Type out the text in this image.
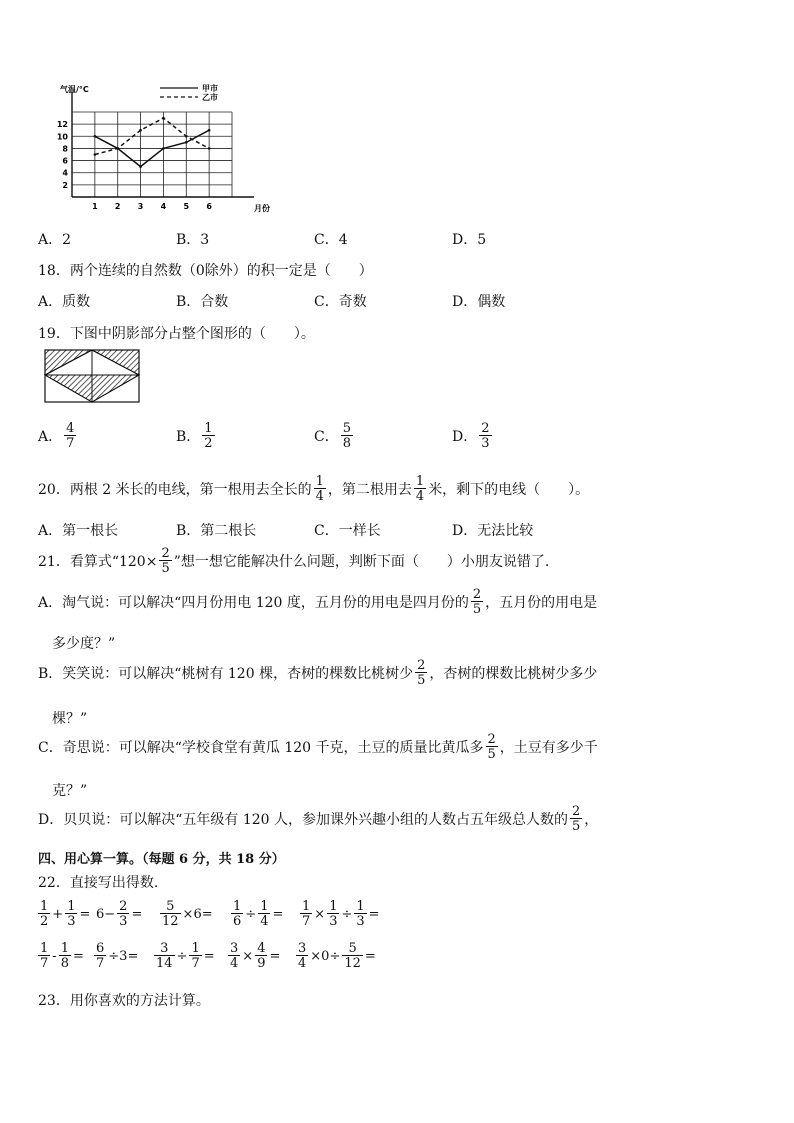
2
4
6
8
10
12
1 2 3 4 5 6
气温/°C
月份
甲市
乙市
A．2	B．3	C．4	D．5
18．两个连续的自然数（0除外）的积一定是（　　）
A．质数	B．合数	C．奇数	D．偶数
19．下图中阴影部分占整个图形的（　　）。
A． $\frac{4}{7}$	B． $\frac{1}{2}$	C． $\frac{5}{8}$	D． $\frac{2}{3}$
20．两根 2 米长的电线，第一根用去全长的 $\frac{1}{4}$ ，第二根用去 $\frac{1}{4}$ 米，剩下的电线（　　）。
A．第一根长	B．第二根长	C．一样长	D．无法比较
21．看算式“$120\times \frac{2}{5}$ ”想一想它能解决什么问题，判断下面（　　）小朋友说错了.
A．淘气说：可以解决“四月份用电 120 度，五月份的用电是四月份的 $\frac{2}{5}$ ，五月份的用电是
多少度？”
B．笑笑说：可以解决“桃树有 120 棵，杏树的棵数比桃树少 $\frac{2}{5}$ ，杏树的棵数比桃树少多少
棵？”
C．奇思说：可以解决“学校食堂有黄瓜 120 千克，土豆的质量比黄瓜多 $\frac{2}{5}$ ，土豆有多少千
克？”
D．贝贝说：可以解决“五年级有 120 人，参加课外兴趣小组的人数占五年级总人数的 $\frac{2}{5}$ ，
四、用心算一算。（每题 6 分，共 18 分）
22．直接写出得数.
$\frac{1}{2} + \frac{1}{3} = 6- \frac{2}{3} = \frac{5}{12} \times 6= \frac{1}{6} \div \frac{1}{4} = \frac{1}{7} \times \frac{1}{3} \div \frac{1}{3}$ =
$\frac{1}{7} - \frac{1}{8} = \frac{6}{7} \div 3= \frac{3}{14} \div \frac{1}{7} = \frac{3}{4} \times \frac{4}{9} = \frac{3}{4} \times 0\div \frac{5}{12}$ =
23．用你喜欢的方法计算。
